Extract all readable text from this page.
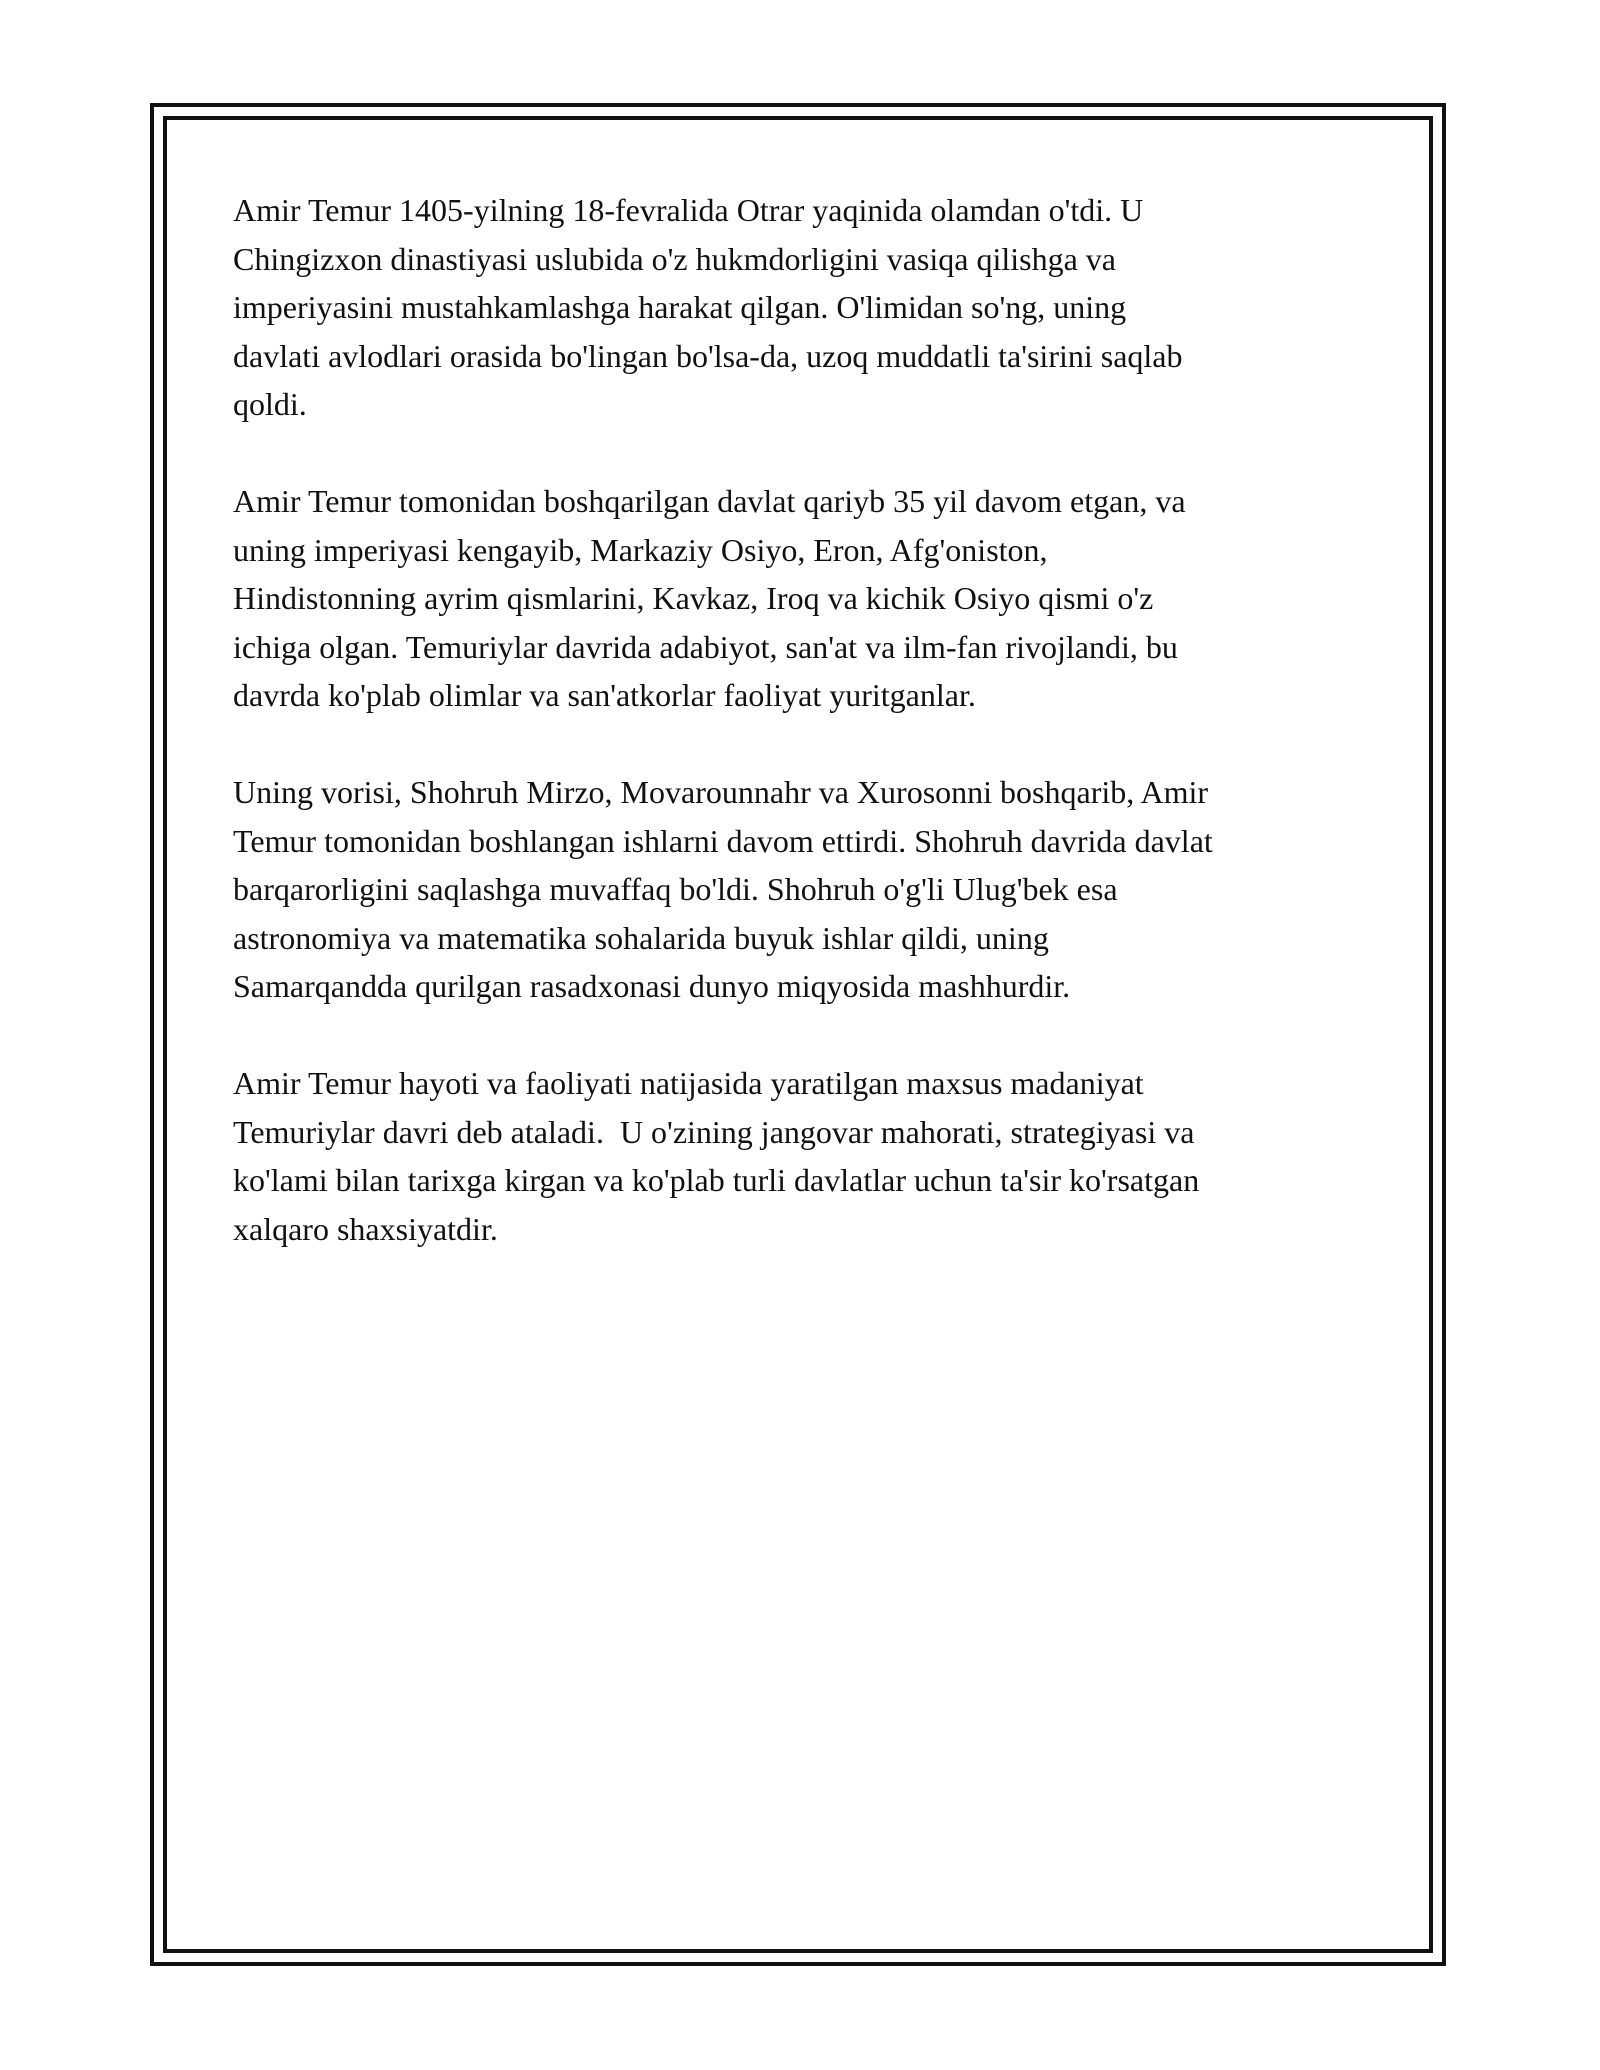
Amir Temur 1405-yilning 18-fevralida Otrar yaqinida olamdan o'tdi. U
Chingizxon dinastiyasi uslubida o'z hukmdorligini vasiqa qilishga va
imperiyasini mustahkamlashga harakat qilgan. O'limidan so'ng, uning
davlati avlodlari orasida bo'lingan bo'lsa-da, uzoq muddatli ta'sirini saqlab
qoldi.

Amir Temur tomonidan boshqarilgan davlat qariyb 35 yil davom etgan, va
uning imperiyasi kengayib, Markaziy Osiyo, Eron, Afg'oniston,
Hindistonning ayrim qismlarini, Kavkaz, Iroq va kichik Osiyo qismi o'z
ichiga olgan. Temuriylar davrida adabiyot, san'at va ilm-fan rivojlandi, bu
davrda ko'plab olimlar va san'atkorlar faoliyat yuritganlar.

Uning vorisi, Shohruh Mirzo, Movarounnahr va Xurosonni boshqarib, Amir
Temur tomonidan boshlangan ishlarni davom ettirdi. Shohruh davrida davlat
barqarorligini saqlashga muvaffaq bo'ldi. Shohruh o'g'li Ulug'bek esa
astronomiya va matematika sohalarida buyuk ishlar qildi, uning
Samarqandda qurilgan rasadxonasi dunyo miqyosida mashhurdir.

Amir Temur hayoti va faoliyati natijasida yaratilgan maxsus madaniyat
Temuriylar davri deb ataladi.  U o'zining jangovar mahorati, strategiyasi va
ko'lami bilan tarixga kirgan va ko'plab turli davlatlar uchun ta'sir ko'rsatgan
xalqaro shaxsiyatdir.
